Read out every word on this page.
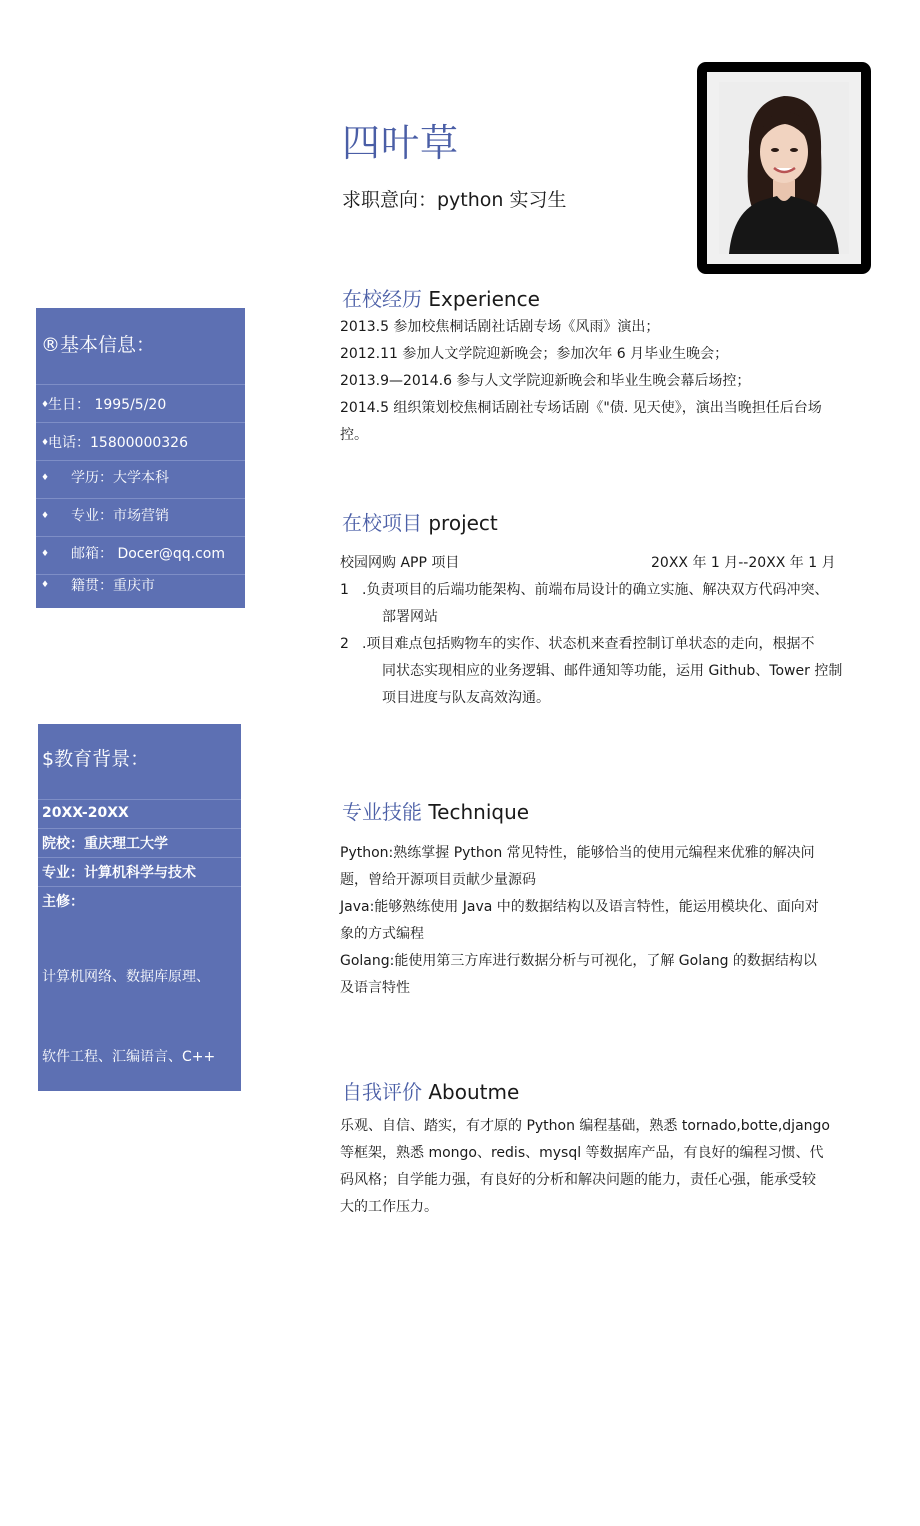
四叶草
求职意向：python 实习生
®基本信息：
♦
生日： 1995/5/20
♦
电话：15800000326
♦ 学历：大学本科
♦ 专业：市场营销
♦ 邮箱： Docer@qq.com
♦ 籍贯：重庆市
$教育背景：
20XX-20XX
院校：重庆理工大学
专业：计算机科学与技术
主修：

计算机网络、数据库原理、

软件工程、汇编语言、C++

程序设计、接口技术、Java

、  VC++、计算机病毒分

析、  网络攻击与防护、密码

学应  用或网络游戏理论、游

戏设  计、三维动画等。

在校经历 Experience
2013.5 参加校焦桐话剧社话剧专场《风雨》演出；
2012.11 参加人文学院迎新晚会；参加次年 6 月毕业生晚会；
2013.9—2014.6 参与人文学院迎新晚会和毕业生晚会幕后场控；
2014.5 组织策划校焦桐话剧社专场话剧《"债. 见天使》，演出当晚担任后台场
控。
在校项目 project
校园网购 APP 项目	20XX 年 1 月--20XX 年 1 月
1 .负责项目的后端功能架构、前端布局设计的确立实施、解决双方代码冲突、
部署网站
2 .项目难点包括购物车的实作、状态机来查看控制订单状态的走向，根据不
同状态实现相应的业务逻辑、邮件通知等功能，运用 Github、Tower 控制
项目进度与队友高效沟通。
专业技能 Technique
Python:熟练掌握 Python 常见特性，能够恰当的使用元编程来优雅的解决问
题，曾给开源项目贡献少量源码
Java:能够熟练使用 Java 中的数据结构以及语言特性，能运用模块化、面向对
象的方式编程
Golang:能使用第三方库进行数据分析与可视化，了解 Golang 的数据结构以
及语言特性
自我评价 Aboutme
乐观、自信、踏实，有才原的 Python 编程基础，熟悉 tornado,botte,django
等框架，熟悉 mongo、redis、mysql 等数据库产品，有良好的编程习惯、代
码风格；自学能力强，有良好的分析和解决问题的能力，责任心强，能承受较
大的工作压力。
